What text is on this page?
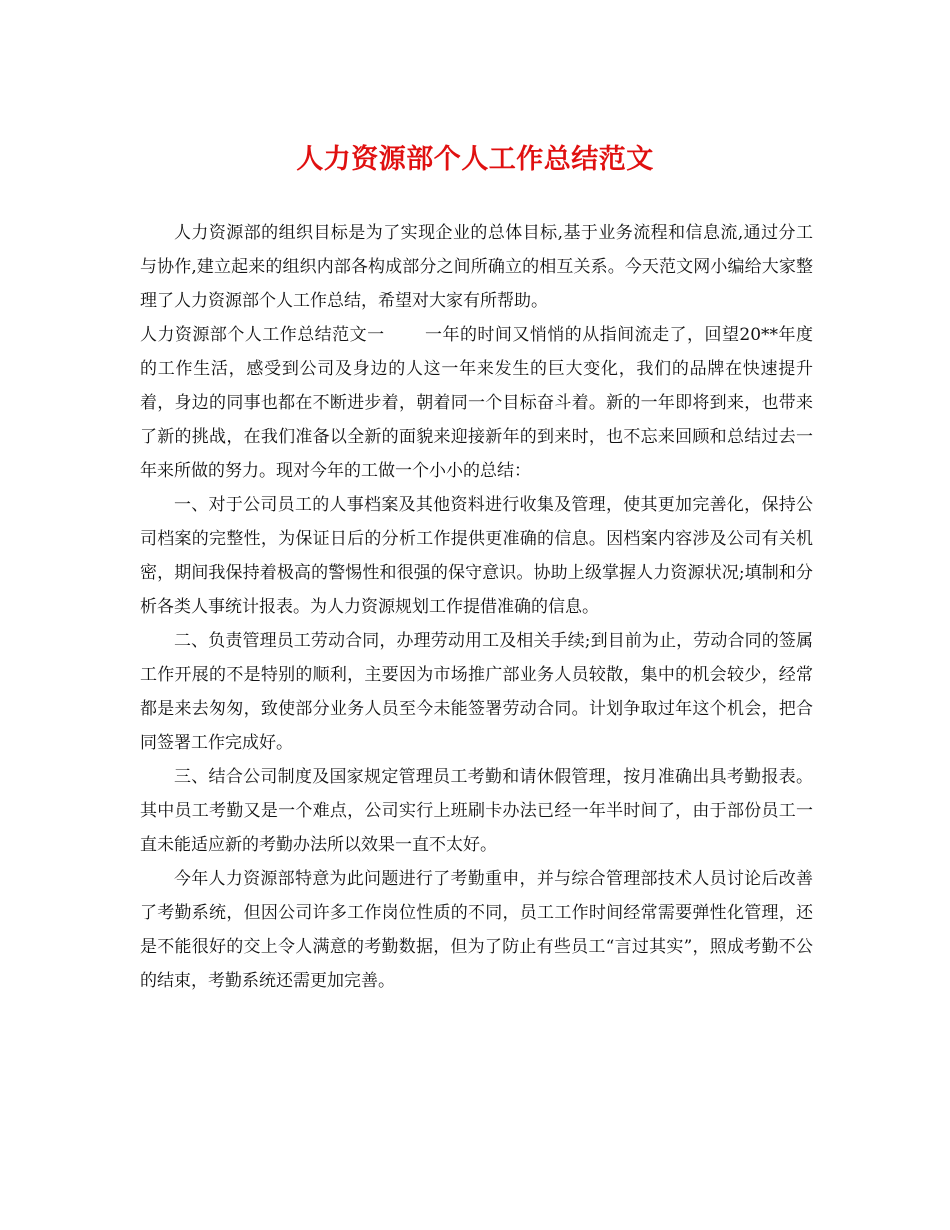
人力资源部个人工作总结范文

人力资源部的组织目标是为了实现企业的总体目标,基于业务流程和信息流,通过分工与协作,建立起来的组织内部各构成部分之间所确立的相互关系。今天范文网小编给大家整理了人力资源部个人工作总结，希望对大家有所帮助。

人力资源部个人工作总结范文一 一年的时间又悄悄的从指间流走了，回望20**年度的工作生活，感受到公司及身边的人这一年来发生的巨大变化，我们的品牌在快速提升着，身边的同事也都在不断进步着，朝着同一个目标奋斗着。新的一年即将到来，也带来了新的挑战，在我们准备以全新的面貌来迎接新年的到来时，也不忘来回顾和总结过去一年来所做的努力。现对今年的工做一个小小的总结：

一、对于公司员工的人事档案及其他资料进行收集及管理，使其更加完善化，保持公司档案的完整性，为保证日后的分析工作提供更准确的信息。因档案内容涉及公司有关机密，期间我保持着极高的警惕性和很强的保守意识。协助上级掌握人力资源状况;填制和分析各类人事统计报表。为人力资源规划工作提借准确的信息。

二、负责管理员工劳动合同，办理劳动用工及相关手续;到目前为止，劳动合同的签属工作开展的不是特别的顺利，主要因为市场推广部业务人员较散，集中的机会较少，经常都是来去匆匆，致使部分业务人员至今未能签署劳动合同。计划争取过年这个机会，把合同签署工作完成好。

三、结合公司制度及国家规定管理员工考勤和请休假管理，按月准确出具考勤报表。其中员工考勤又是一个难点，公司实行上班刷卡办法已经一年半时间了，由于部份员工一直未能适应新的考勤办法所以效果一直不太好。

今年人力资源部特意为此问题进行了考勤重申，并与综合管理部技术人员讨论后改善了考勤系统，但因公司许多工作岗位性质的不同，员工工作时间经常需要弹性化管理，还是不能很好的交上令人满意的考勤数据，但为了防止有些员工“言过其实”，照成考勤不公的结束，考勤系统还需更加完善。
